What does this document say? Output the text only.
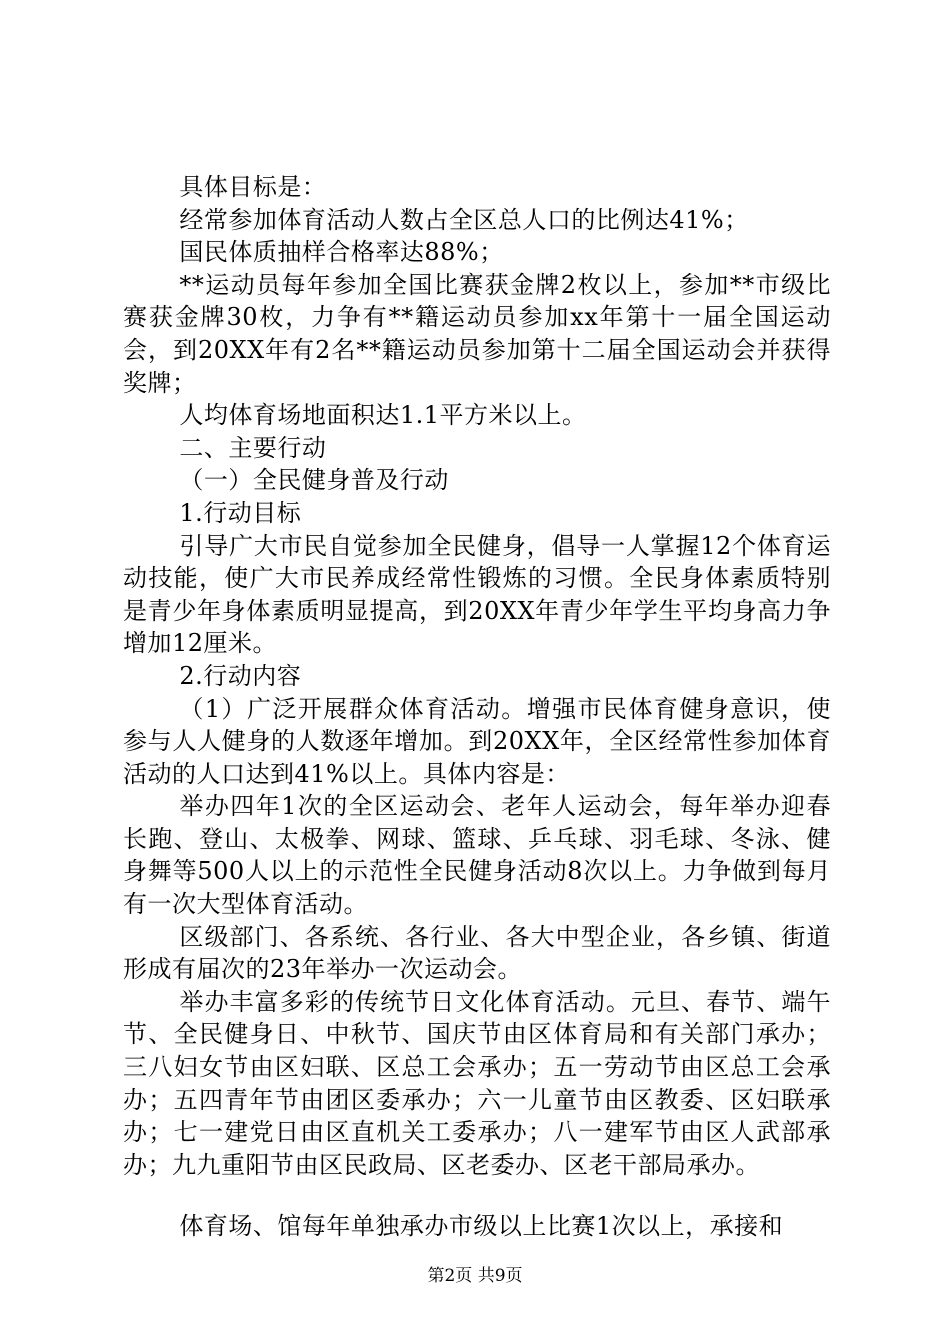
具体目标是：

经常参加体育活动人数占全区总人口的比例达41%；

国民体质抽样合格率达88%；

**运动员每年参加全国比赛获金牌2枚以上，参加**市级比赛获金牌30枚，力争有**籍运动员参加xx年第十一届全国运动会，到20XX年有2名**籍运动员参加第十二届全国运动会并获得奖牌；

人均体育场地面积达1.1平方米以上。

二、主要行动

（一）全民健身普及行动

1.行动目标

引导广大市民自觉参加全民健身，倡导一人掌握12个体育运动技能，使广大市民养成经常性锻炼的习惯。全民身体素质特别是青少年身体素质明显提高，到20XX年青少年学生平均身高力争增加12厘米。

2.行动内容

（1）广泛开展群众体育活动。增强市民体育健身意识，使参与人人健身的人数逐年增加。到20XX年，全区经常性参加体育活动的人口达到41%以上。具体内容是：

举办四年1次的全区运动会、老年人运动会，每年举办迎春长跑、登山、太极拳、网球、篮球、乒乓球、羽毛球、冬泳、健身舞等500人以上的示范性全民健身活动8次以上。力争做到每月有一次大型体育活动。

区级部门、各系统、各行业、各大中型企业，各乡镇、街道形成有届次的23年举办一次运动会。

举办丰富多彩的传统节日文化体育活动。元旦、春节、端午节、全民健身日、中秋节、国庆节由区体育局和有关部门承办；三八妇女节由区妇联、区总工会承办；五一劳动节由区总工会承办；五四青年节由团区委承办；六一儿童节由区教委、区妇联承办；七一建党日由区直机关工委承办；八一建军节由区人武部承办；九九重阳节由区民政局、区老委办、区老干部局承办。

体育场、馆每年单独承办市级以上比赛1次以上，承接和

第2页 共9页
